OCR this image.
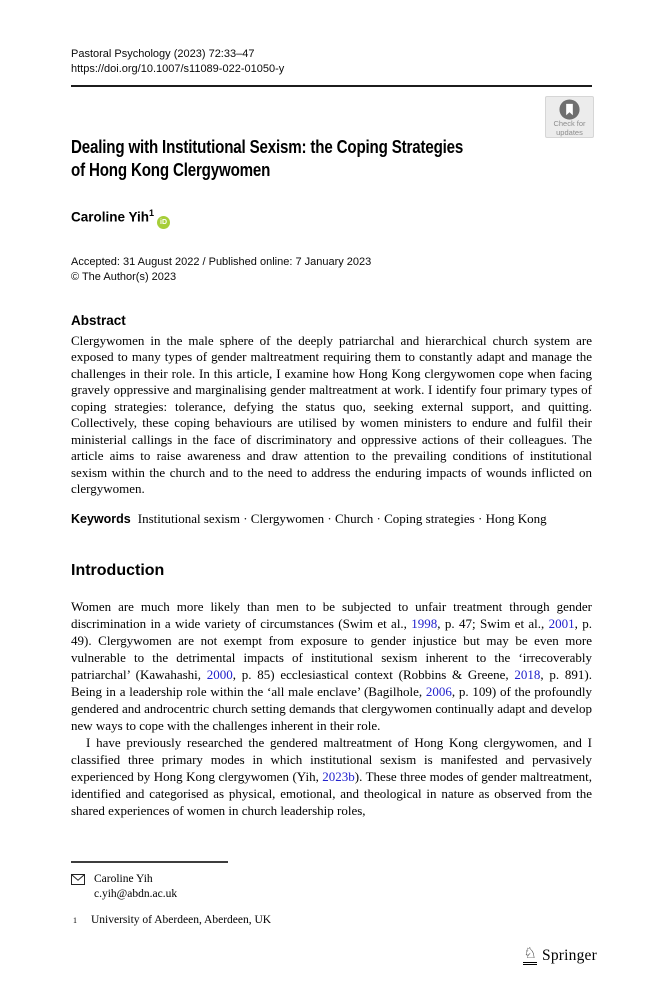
Pastoral Psychology (2023) 72:33–47
https://doi.org/10.1007/s11089-022-01050-y
Check for
updates
Dealing with Institutional Sexism: the Coping Strategies
of Hong Kong Clergywomen
Caroline Yih$^1$iD
Accepted: 31 August 2022 / Published online: 7 January 2023
© The Author(s) 2023
Abstract

Clergywomen in the male sphere of the deeply patriarchal and hierarchical church system are exposed to many types of gender maltreatment requiring them to constantly adapt and manage the challenges in their role. In this article, I examine how Hong Kong clergywomen cope when facing gravely oppressive and marginalising gender maltreatment at work. I identify four primary types of coping strategies: tolerance, defying the status quo, seeking external support, and quitting. Collectively, these coping behaviours are utilised by women ministers to endure and fulfil their ministerial callings in the face of discriminatory and oppressive actions of their colleagues. The article aims to raise awareness and draw attention to the prevailing conditions of institutional sexism within the church and to the need to address the enduring impacts of wounds inflicted on clergywomen.

Keywords Institutional sexism · Clergywomen · Church · Coping strategies · Hong Kong
Introduction

Women are much more likely than men to be subjected to unfair treatment through gender discrimination in a wide variety of circumstances (Swim et al., 1998, p. 47; Swim et al., 2001, p. 49). Clergywomen are not exempt from exposure to gender injustice but may be even more vulnerable to the detrimental impacts of institutional sexism inherent to the ‘irrecoverably patriarchal’ (Kawahashi, 2000, p. 85) ecclesiastical context (Robbins & Greene, 2018, p. 891). Being in a leadership role within the ‘all male enclave’ (Bagilhole, 2006, p. 109) of the profoundly gendered and androcentric church setting demands that clergywomen continually adapt and develop new ways to cope with the challenges inherent in their role.

I have previously researched the gendered maltreatment of Hong Kong clergywomen, and I classified three primary modes in which institutional sexism is manifested and pervasively experienced by Hong Kong clergywomen (Yih, 2023b). These three modes of gender maltreatment, identified and categorised as physical, emotional, and theological in nature as observed from the shared experiences of women in church leadership roles,

Caroline Yih
c.yih@abdn.ac.uk
1 University of Aberdeen, Aberdeen, UK
♘ Springer
